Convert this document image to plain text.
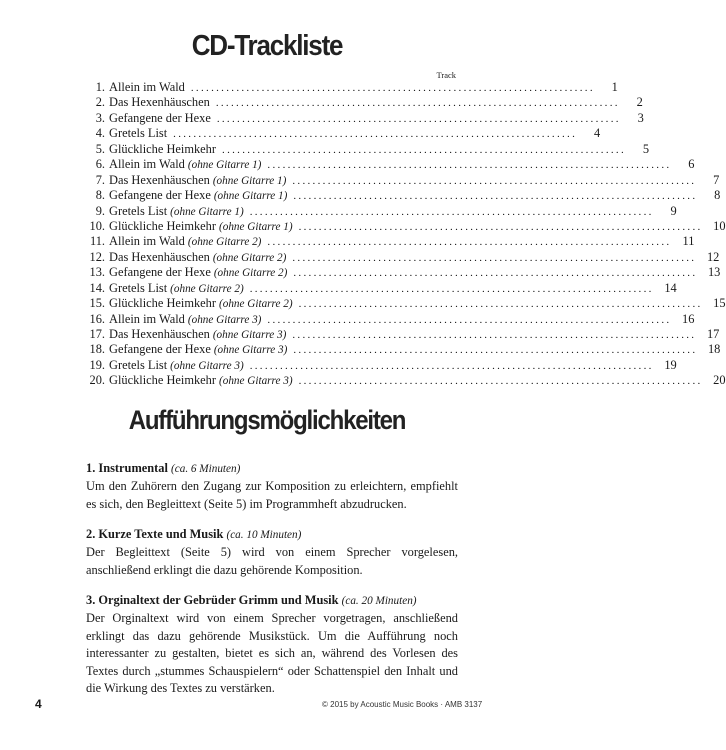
CD-Trackliste
Track
1. Allein im Wald ................................................................................	1
2. Das Hexenhäuschen ................................................................................	2
3. Gefangene der Hexe ................................................................................	3
4. Gretels List ................................................................................	4
5. Glückliche Heimkehr ................................................................................	5
6. Allein im Wald (ohne Gitarre 1) ................................................................................	6
7. Das Hexenhäuschen (ohne Gitarre 1) ................................................................................	7
8. Gefangene der Hexe (ohne Gitarre 1) ................................................................................	8
9. Gretels List (ohne Gitarre 1) ................................................................................	9
10. Glückliche Heimkehr (ohne Gitarre 1) ................................................................................ 10
11. Allein im Wald (ohne Gitarre 2) ................................................................................ 11
12. Das Hexenhäuschen (ohne Gitarre 2) ................................................................................ 12
13. Gefangene der Hexe (ohne Gitarre 2) ................................................................................ 13
14. Gretels List (ohne Gitarre 2) ................................................................................ 14
15. Glückliche Heimkehr (ohne Gitarre 2) ................................................................................ 15
16. Allein im Wald (ohne Gitarre 3) ................................................................................ 16
17. Das Hexenhäuschen (ohne Gitarre 3) ................................................................................ 17
18. Gefangene der Hexe (ohne Gitarre 3) ................................................................................ 18
19. Gretels List (ohne Gitarre 3) ................................................................................ 19
20. Glückliche Heimkehr (ohne Gitarre 3) ................................................................................ 20
Aufführungsmöglichkeiten
1. Instrumental (ca. 6 Minuten)

Um den Zuhörern den Zugang zur Komposition zu erleichtern, empfiehlt es sich, den Begleittext (Seite 5) im Programmheft abzudrucken.

2. Kurze Texte und Musik (ca. 10 Minuten)

Der Begleittext (Seite 5) wird von einem Sprecher vorgelesen, anschließend erklingt die dazu gehörende Komposition.

3. Orginaltext der Gebrüder Grimm und Musik (ca. 20 Minuten)

Der Orginaltext wird von einem Sprecher vorgetragen, anschließend erklingt das dazu gehörende Musikstück. Um die Aufführung noch interessanter zu gestalten, bietet es sich an, während des Vorlesen des Textes durch „stummes Schauspielern“ oder Schattenspiel den Inhalt und die Wirkung des Textes zu verstärken.

4	© 2015 by Acoustic Music Books · AMB 3137
